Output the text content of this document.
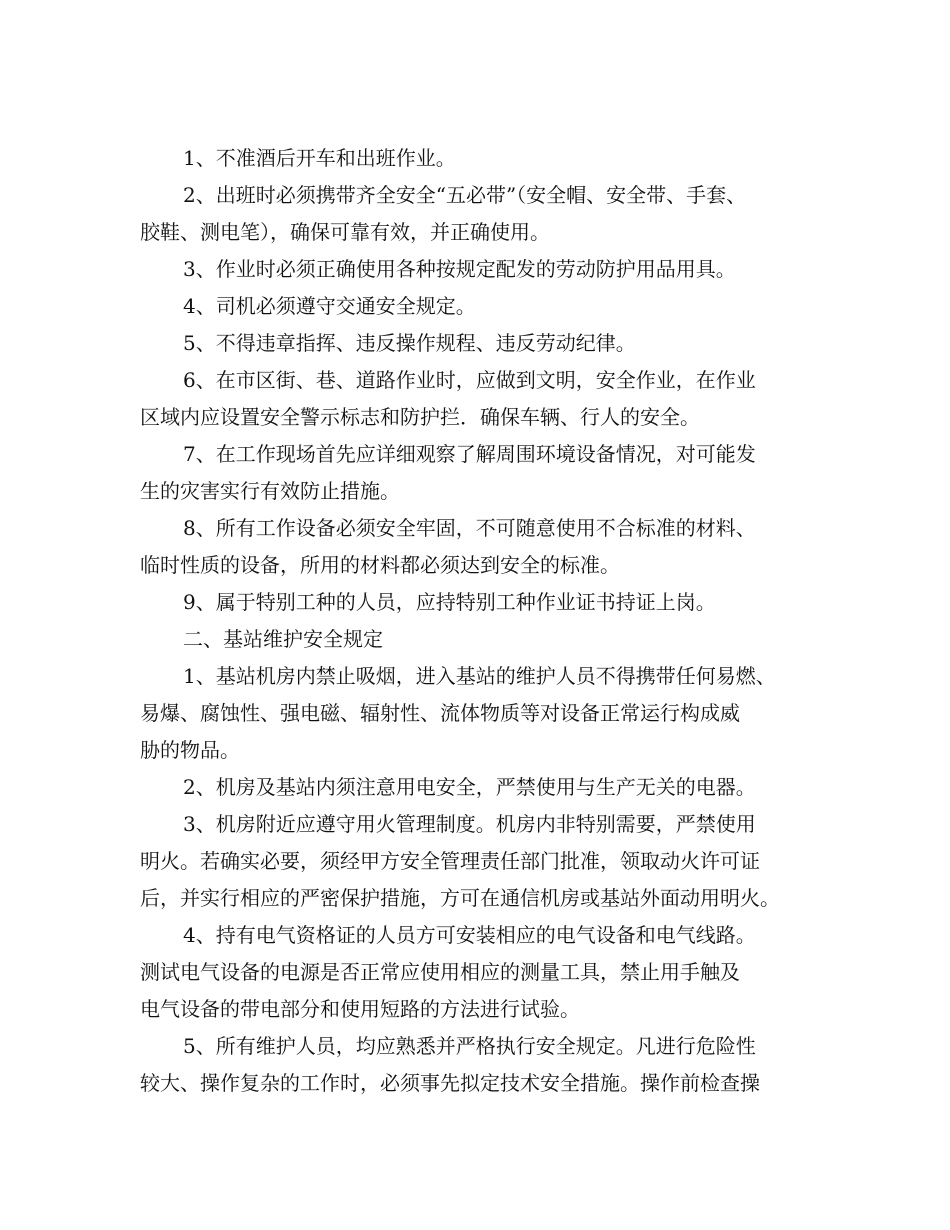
1、不准酒后开车和出班作业。
2、出班时必须携带齐全安全“五必带”（安全帽、安全带、手套、
胶鞋、测电笔），确保可靠有效，并正确使用。
3、作业时必须正确使用各种按规定配发的劳动防护用品用具。
4、司机必须遵守交通安全规定。
5、不得违章指挥、违反操作规程、违反劳动纪律。
6、在市区街、巷、道路作业时，应做到文明，安全作业，在作业
区域内应设置安全警示标志和防护拦．确保车辆、行人的安全。
7、在工作现场首先应详细观察了解周围环境设备情况，对可能发
生的灾害实行有效防止措施。
8、所有工作设备必须安全牢固，不可随意使用不合标准的材料、
临时性质的设备，所用的材料都必须达到安全的标准。
9、属于特别工种的人员，应持特别工种作业证书持证上岗。
二、基站维护安全规定
1、基站机房内禁止吸烟，进入基站的维护人员不得携带任何易燃、
易爆、腐蚀性、强电磁、辐射性、流体物质等对设备正常运行构成威
胁的物品。
2、机房及基站内须注意用电安全，严禁使用与生产无关的电器。
3、机房附近应遵守用火管理制度。机房内非特别需要，严禁使用
明火。若确实必要，须经甲方安全管理责任部门批准，领取动火许可证
后，并实行相应的严密保护措施，方可在通信机房或基站外面动用明火。
4、持有电气资格证的人员方可安装相应的电气设备和电气线路。
测试电气设备的电源是否正常应使用相应的测量工具，禁止用手触及
电气设备的带电部分和使用短路的方法进行试验。
5、所有维护人员，均应熟悉并严格执行安全规定。凡进行危险性
较大、操作复杂的工作时，必须事先拟定技术安全措施。操作前检查操
